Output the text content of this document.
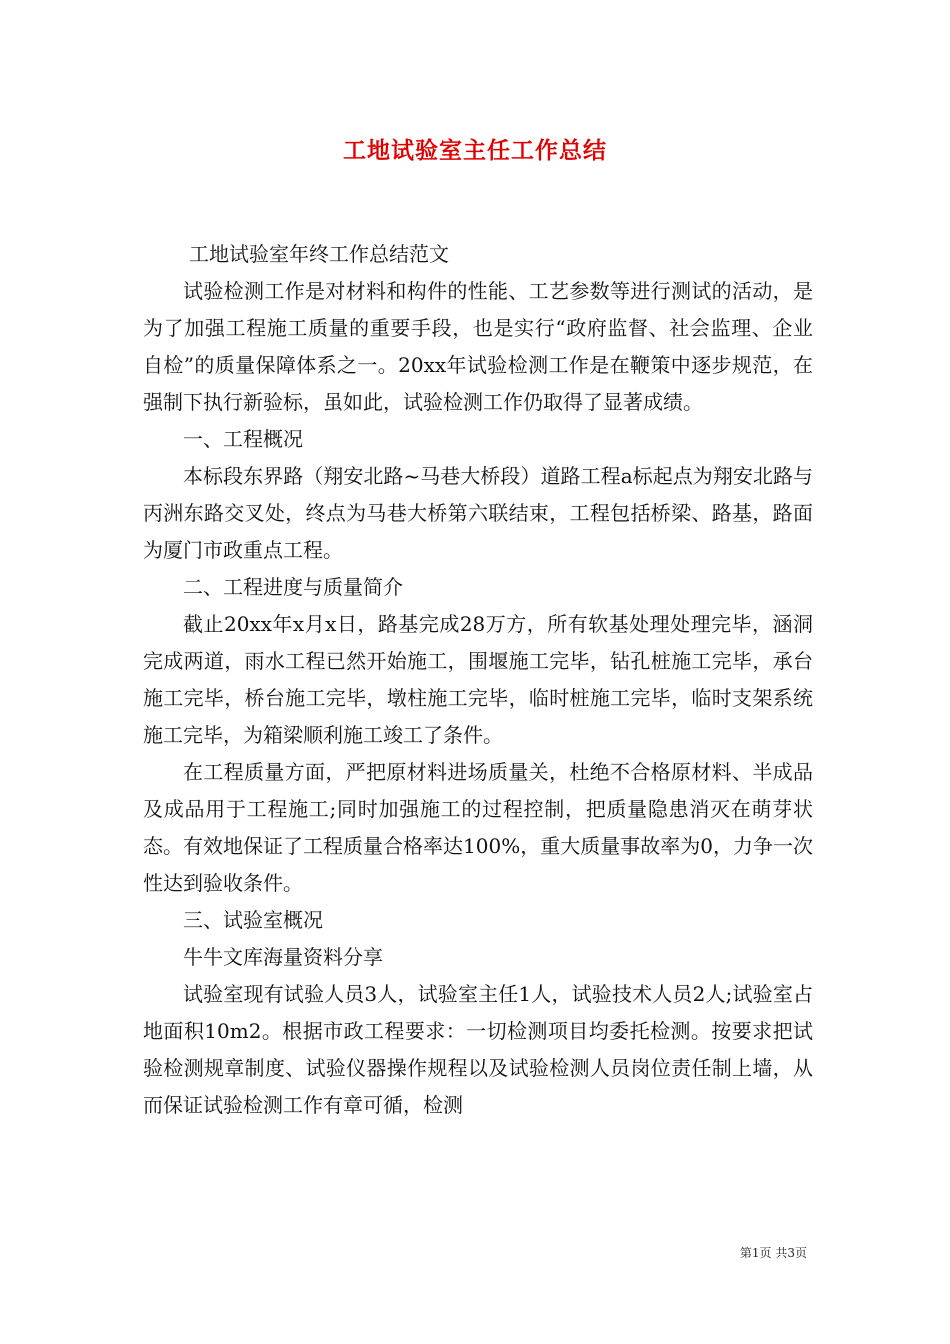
工地试验室主任工作总结

工地试验室年终工作总结范文

试验检测工作是对材料和构件的性能、工艺参数等进行测试的活动，是为了加强工程施工质量的重要手段，也是实行“政府监督、社会监理、企业自检”的质量保障体系之一。20xx年试验检测工作是在鞭策中逐步规范，在强制下执行新验标，虽如此，试验检测工作仍取得了显著成绩。

一、工程概况

本标段东界路（翔安北路~马巷大桥段）道路工程a标起点为翔安北路与丙洲东路交叉处，终点为马巷大桥第六联结束，工程包括桥梁、路基，路面为厦门市政重点工程。

二、工程进度与质量简介

截止20xx年x月x日，路基完成28万方，所有软基处理处理完毕，涵洞完成两道，雨水工程已然开始施工，围堰施工完毕，钻孔桩施工完毕，承台施工完毕，桥台施工完毕，墩柱施工完毕，临时桩施工完毕，临时支架系统施工完毕，为箱梁顺利施工竣工了条件。

在工程质量方面，严把原材料进场质量关，杜绝不合格原材料、半成品及成品用于工程施工;同时加强施工的过程控制，把质量隐患消灭在萌芽状态。有效地保证了工程质量合格率达100%，重大质量事故率为0，力争一次性达到验收条件。

三、试验室概况

牛牛文库海量资料分享

试验室现有试验人员3人，试验室主任1人，试验技术人员2人;试验室占地面积10m2。根据市政工程要求：一切检测项目均委托检测。按要求把试验检测规章制度、试验仪器操作规程以及试验检测人员岗位责任制上墙，从而保证试验检测工作有章可循，检测

第1页 共3页
